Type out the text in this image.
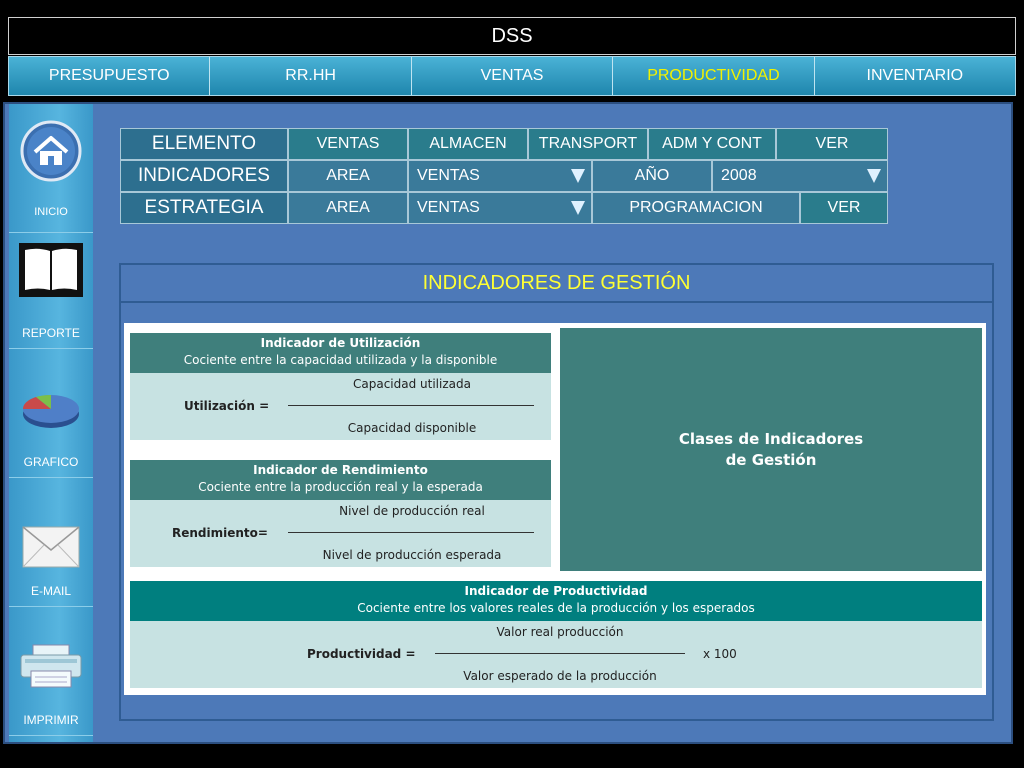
DSS
PRESUPUESTO	RR.HH	VENTAS	PRODUCTIVIDAD	INVENTARIO
INICIO
REPORTE
GRAFICO
E-MAIL
IMPRIMIR
ELEMENTO	VENTAS	ALMACEN	TRANSPORT	ADM Y CONT	VER
INDICADORES	AREA	VENTAS	AÑO	2008
ESTRATEGIA	AREA	VENTAS	PROGRAMACION	VER
INDICADORES DE GESTIÓN
Indicador de Utilización
Cociente entre la capacidad utilizada y la disponible
Capacidad utilizada
Utilización =
Capacidad disponible
Indicador de Rendimiento
Cociente entre la producción real y la esperada
Nivel de producción real
Rendimiento=
Nivel de producción esperada
Clases de Indicadores
de Gestión
Indicador de Productividad
Cociente entre los valores reales de la producción y los esperados
Valor real producción
Productividad =	x 100
Valor esperado de la producción
